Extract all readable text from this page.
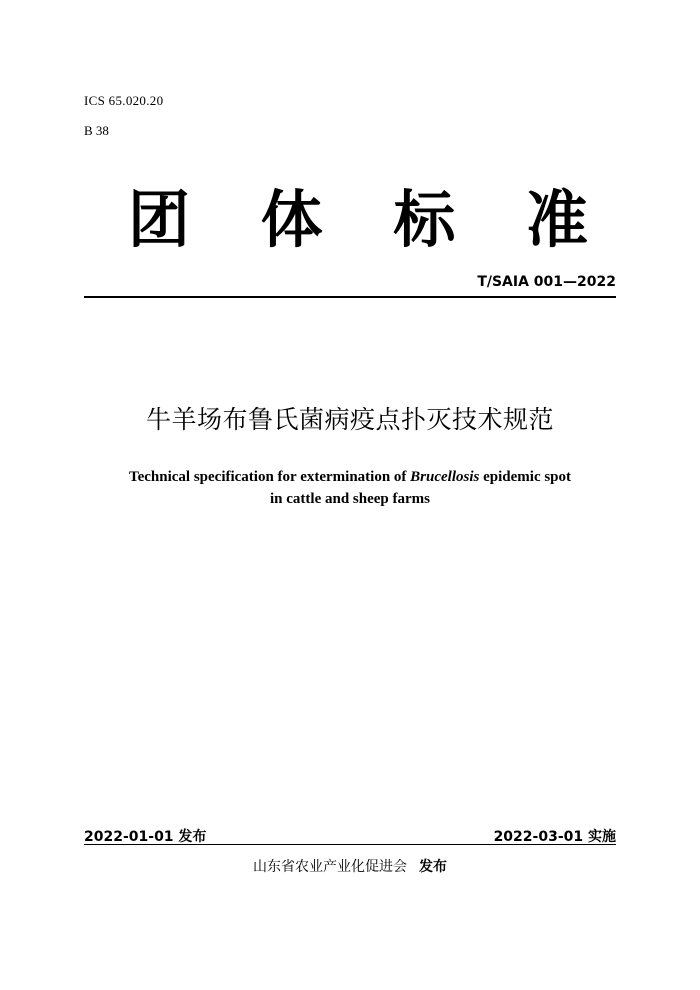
ICS 65.020.20
B 38
团 体 标 准
T/SAIA 001—2022
牛羊场布鲁氏菌病疫点扑灭技术规范
Technical specification for extermination of Brucellosis epidemic spot
in cattle and sheep farms
2022-01-01 发布	2022-03-01 实施
山东省农业产业化促进会 发布
